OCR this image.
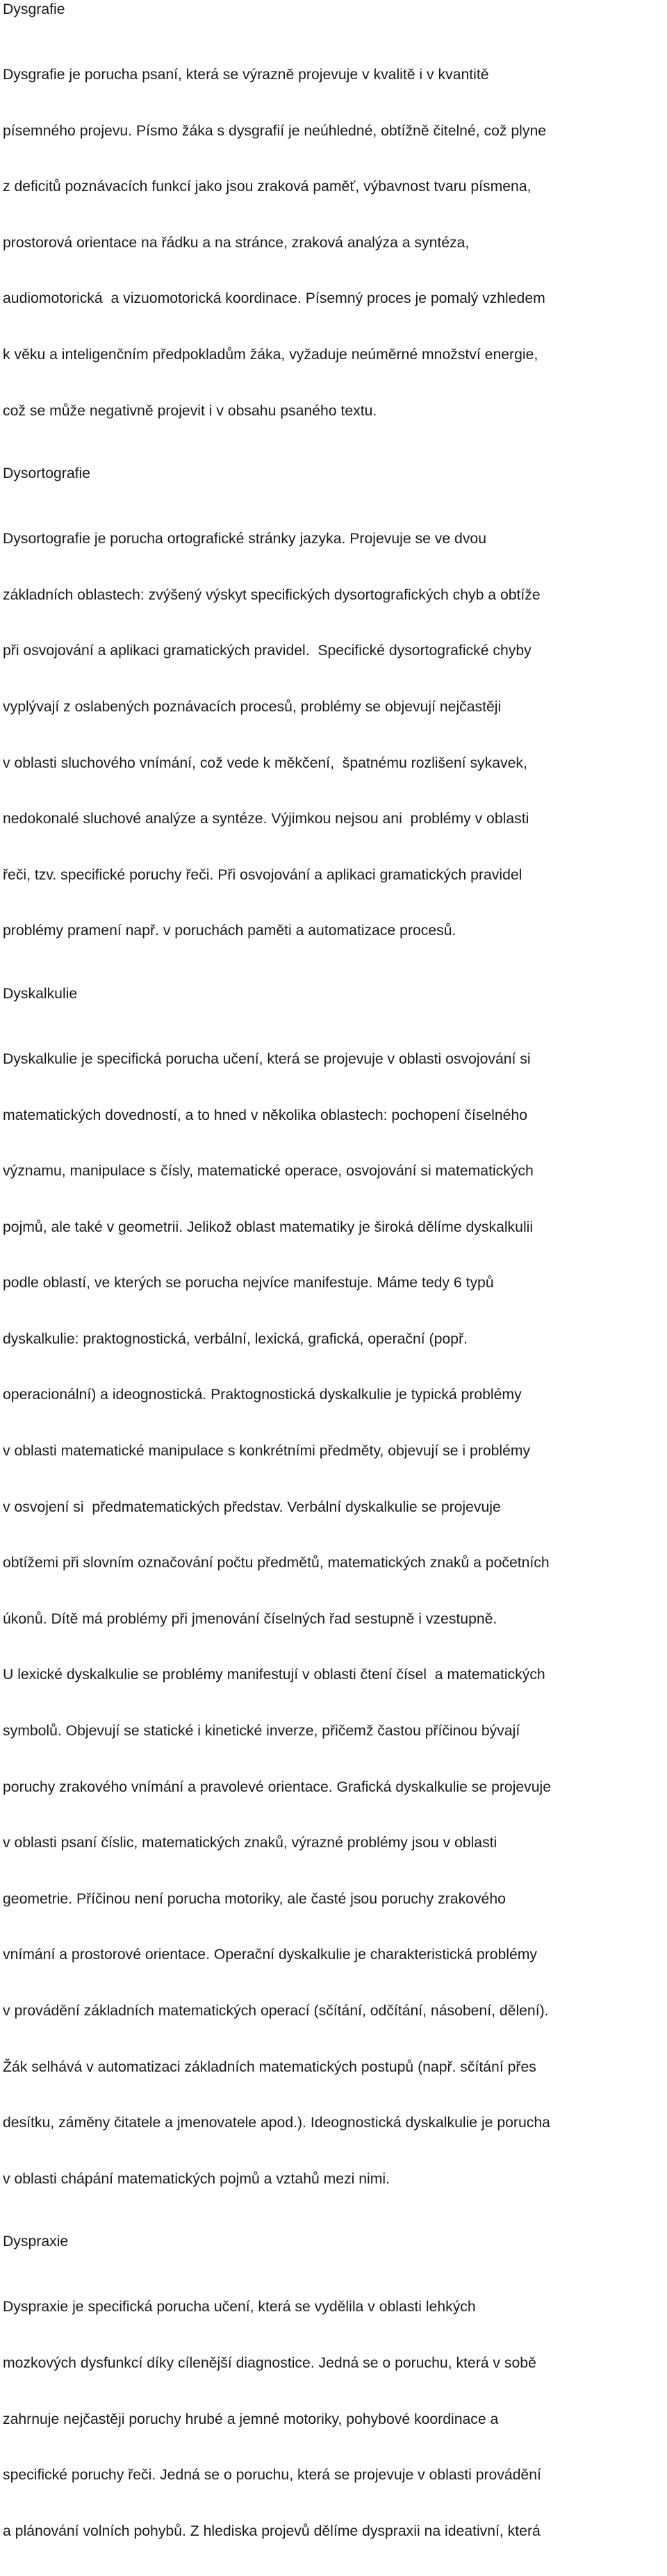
Dysgrafie

Dysgrafie je porucha psaní, která se výrazně projevuje v kvalitě i v kvantitě

písemného projevu. Písmo žáka s dysgrafií je neúhledné, obtížně čitelné, což plyne

z deficitů poznávacích funkcí jako jsou zraková paměť, výbavnost tvaru písmena,

prostorová orientace na řádku a na stránce, zraková analýza a syntéza,

audiomotorická  a vizuomotorická koordinace. Písemný proces je pomalý vzhledem

k věku a inteligenčním předpokladům žáka, vyžaduje neúměrné množství energie,

což se může negativně projevit i v obsahu psaného textu.

Dysortografie

Dysortografie je porucha ortografické stránky jazyka. Projevuje se ve dvou

základních oblastech: zvýšený výskyt specifických dysortografických chyb a obtíže

při osvojování a aplikaci gramatických pravidel.  Specifické dysortografické chyby

vyplývají z oslabených poznávacích procesů, problémy se objevují nejčastěji

v oblasti sluchového vnímání, což vede k měkčení,  špatnému rozlišení sykavek,

nedokonalé sluchové analýze a syntéze. Výjimkou nejsou ani  problémy v oblasti

řeči, tzv. specifické poruchy řeči. Při osvojování a aplikaci gramatických pravidel

problémy pramení např. v poruchách paměti a automatizace procesů.

Dyskalkulie

Dyskalkulie je specifická porucha učení, která se projevuje v oblasti osvojování si

matematických dovedností, a to hned v několika oblastech: pochopení číselného

významu, manipulace s čísly, matematické operace, osvojování si matematických

pojmů, ale také v geometrii. Jelikož oblast matematiky je široká dělíme dyskalkulii

podle oblastí, ve kterých se porucha nejvíce manifestuje. Máme tedy 6 typů

dyskalkulie: praktognostická, verbální, lexická, grafická, operační (popř.

operacionální) a ideognostická. Praktognostická dyskalkulie je typická problémy

v oblasti matematické manipulace s konkrétními předměty, objevují se i problémy

v osvojení si  předmatematických představ. Verbální dyskalkulie se projevuje

obtížemi při slovním označování počtu předmětů, matematických znaků a početních

úkonů. Dítě má problémy při jmenování číselných řad sestupně i vzestupně.

U lexické dyskalkulie se problémy manifestují v oblasti čtení čísel  a matematických

symbolů. Objevují se statické i kinetické inverze, přičemž častou příčinou bývají

poruchy zrakového vnímání a pravolevé orientace. Grafická dyskalkulie se projevuje

v oblasti psaní číslic, matematických znaků, výrazné problémy jsou v oblasti

geometrie. Příčinou není porucha motoriky, ale časté jsou poruchy zrakového

vnímání a prostorové orientace. Operační dyskalkulie je charakteristická problémy

v provádění základních matematických operací (sčítání, odčítání, násobení, dělení).

Žák selhává v automatizaci základních matematických postupů (např. sčítání přes

desítku, záměny čitatele a jmenovatele apod.). Ideognostická dyskalkulie je porucha

v oblasti chápání matematických pojmů a vztahů mezi nimi.

Dyspraxie

Dyspraxie je specifická porucha učení, která se vydělila v oblasti lehkých

mozkových dysfunkcí díky cílenější diagnostice. Jedná se o poruchu, která v sobě

zahrnuje nejčastěji poruchy hrubé a jemné motoriky, pohybové koordinace a

specifické poruchy řeči. Jedná se o poruchu, která se projevuje v oblasti provádění

a plánování volních pohybů. Z hlediska projevů dělíme dyspraxii na ideativní, která
